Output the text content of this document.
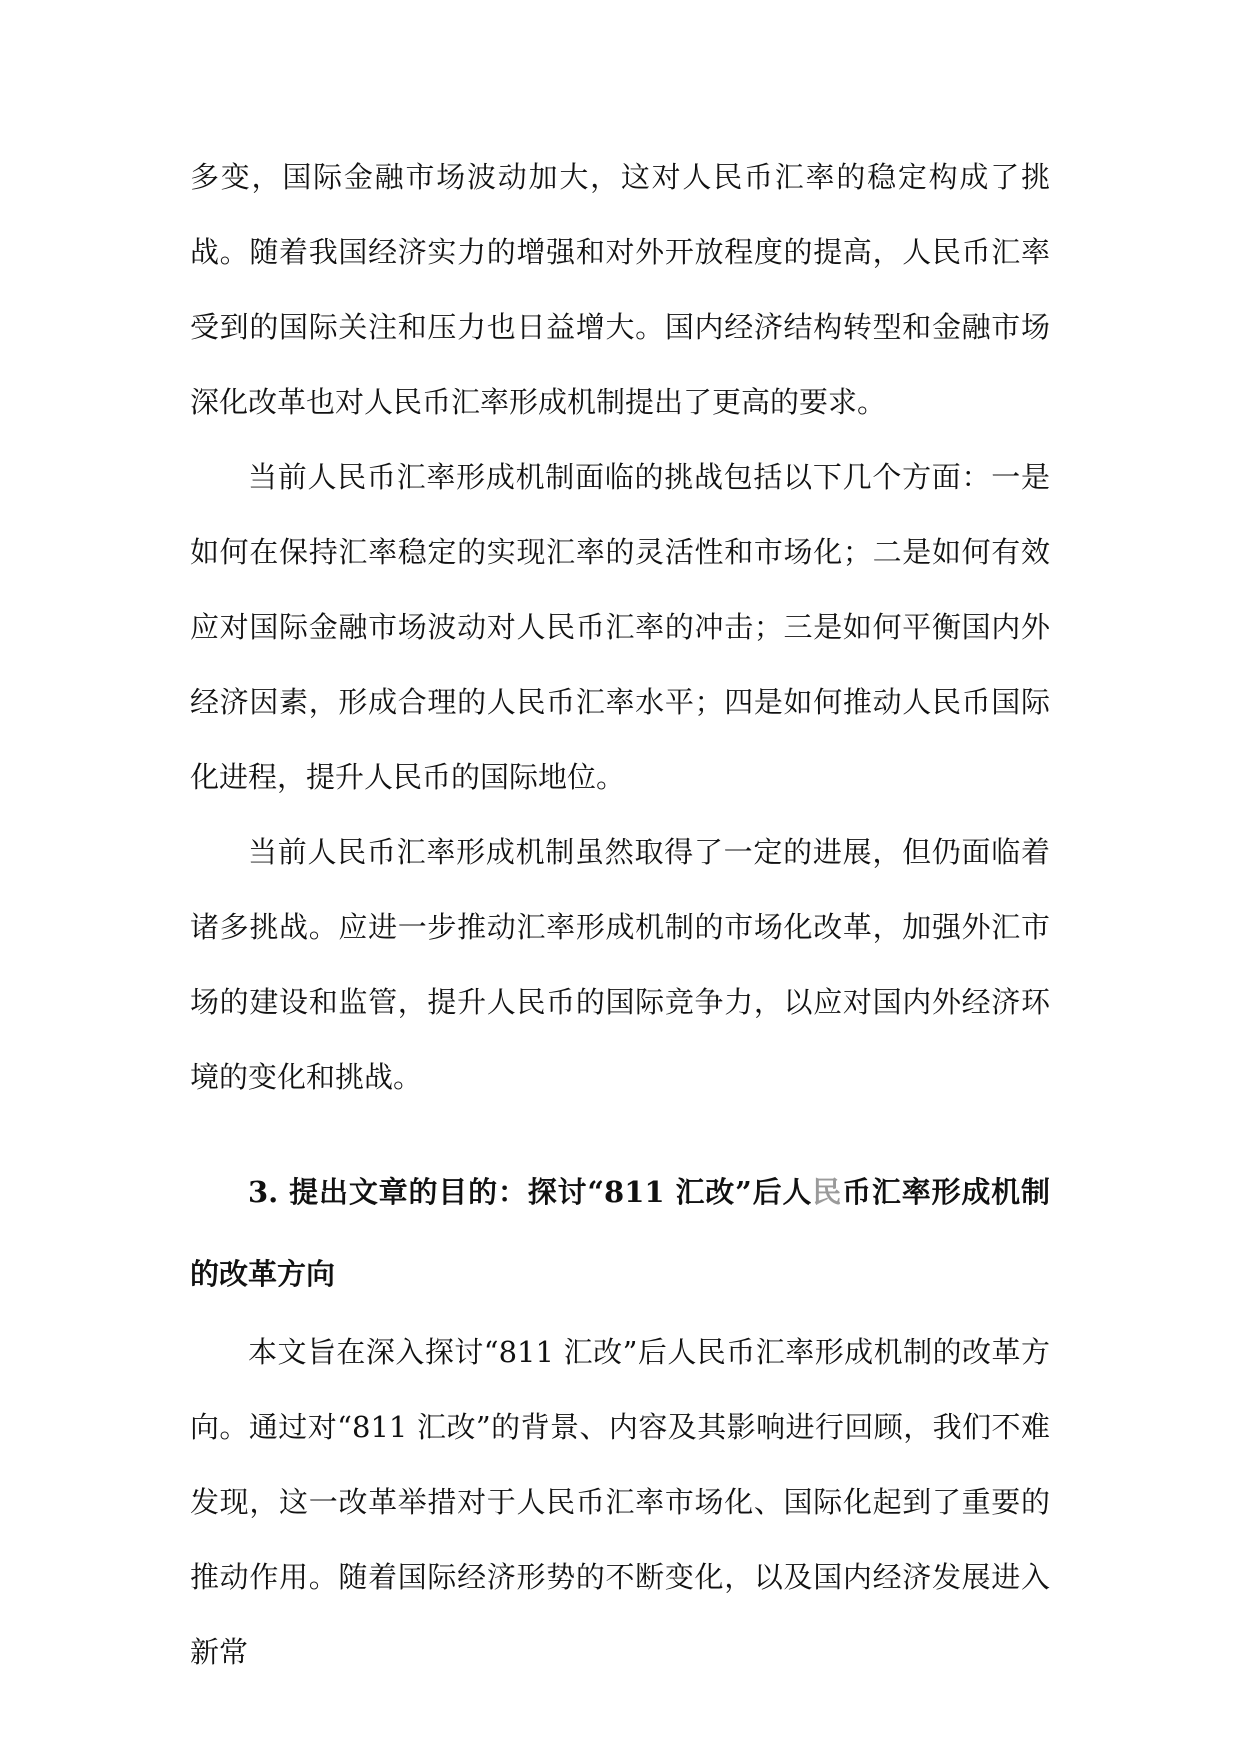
多变，国际金融市场波动加大，这对人民币汇率的稳定构成了挑战。随着我国经济实力的增强和对外开放程度的提高，人民币汇率受到的国际关注和压力也日益增大。国内经济结构转型和金融市场深化改革也对人民币汇率形成机制提出了更高的要求。

当前人民币汇率形成机制面临的挑战包括以下几个方面：一是如何在保持汇率稳定的实现汇率的灵活性和市场化；二是如何有效应对国际金融市场波动对人民币汇率的冲击；三是如何平衡国内外经济因素，形成合理的人民币汇率水平；四是如何推动人民币国际化进程，提升人民币的国际地位。

当前人民币汇率形成机制虽然取得了一定的进展，但仍面临着诸多挑战。应进一步推动汇率形成机制的市场化改革，加强外汇市场的建设和监管，提升人民币的国际竞争力，以应对国内外经济环境的变化和挑战。

3. 提出文章的目的：探讨“811 汇改”后人民币汇率形成机制的改革方向

本文旨在深入探讨“811 汇改”后人民币汇率形成机制的改革方向。通过对“811 汇改”的背景、内容及其影响进行回顾，我们不难发现，这一改革举措对于人民币汇率市场化、国际化起到了重要的推动作用。随着国际经济形势的不断变化，以及国内经济发展进入新常
